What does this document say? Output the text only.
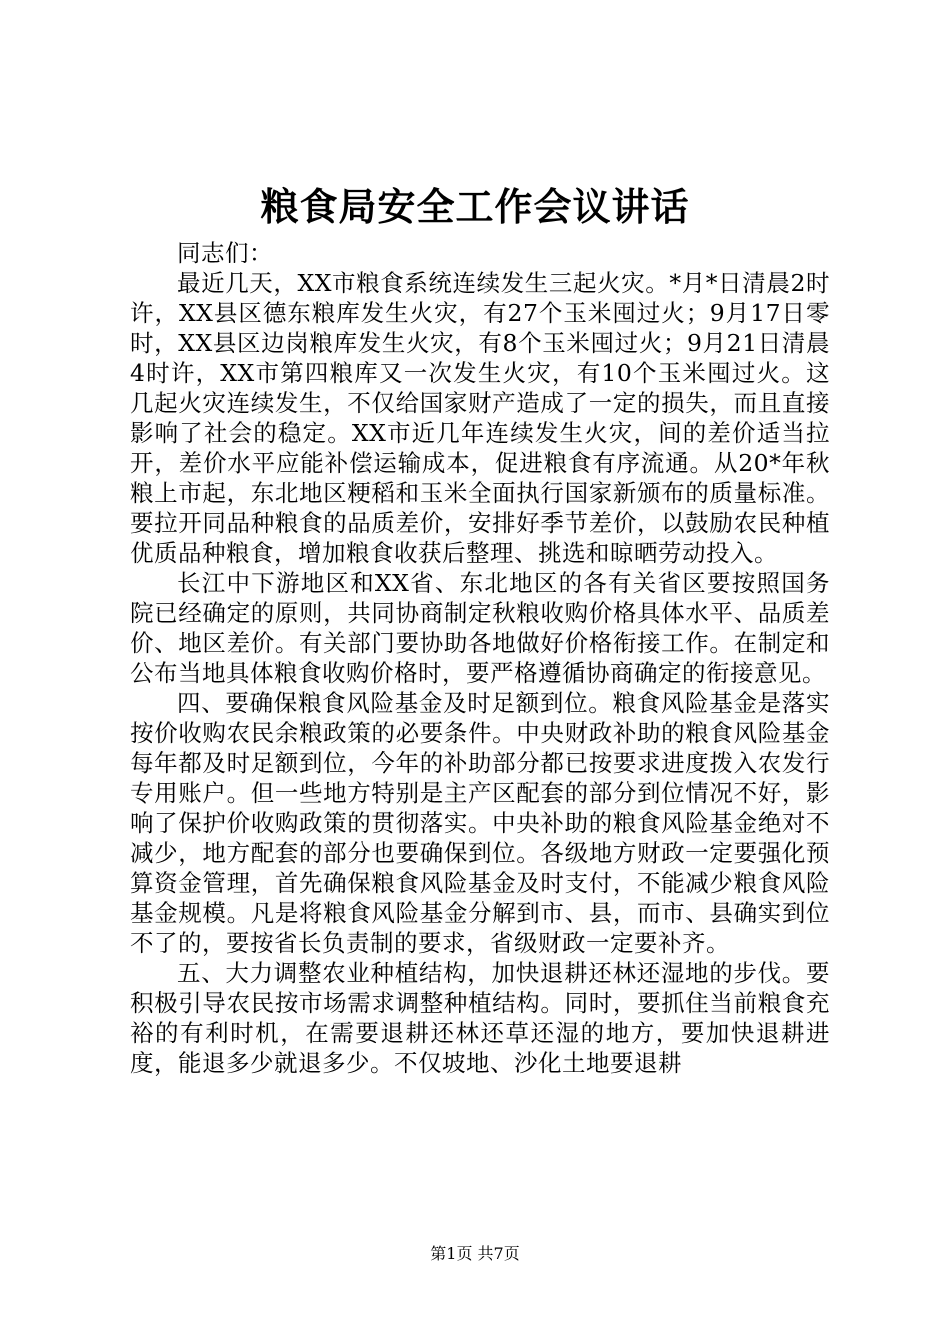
粮食局安全工作会议讲话

同志们：

最近几天，XX市粮食系统连续发生三起火灾。*月*日清晨2时许，XX县区德东粮库发生火灾，有27个玉米囤过火；9月17日零时，XX县区边岗粮库发生火灾，有8个玉米囤过火；9月21日清晨4时许，XX市第四粮库又一次发生火灾，有10个玉米囤过火。这几起火灾连续发生，不仅给国家财产造成了一定的损失，而且直接影响了社会的稳定。XX市近几年连续发生火灾，间的差价适当拉开，差价水平应能补偿运输成本，促进粮食有序流通。从20*年秋粮上市起，东北地区粳稻和玉米全面执行国家新颁布的质量标准。要拉开同品种粮食的品质差价，安排好季节差价，以鼓励农民种植优质品种粮食，增加粮食收获后整理、挑选和晾晒劳动投入。

长江中下游地区和XX省、东北地区的各有关省区要按照国务院已经确定的原则，共同协商制定秋粮收购价格具体水平、品质差价、地区差价。有关部门要协助各地做好价格衔接工作。在制定和公布当地具体粮食收购价格时，要严格遵循协商确定的衔接意见。

四、要确保粮食风险基金及时足额到位。粮食风险基金是落实按价收购农民余粮政策的必要条件。中央财政补助的粮食风险基金每年都及时足额到位，今年的补助部分都已按要求进度拨入农发行专用账户。但一些地方特别是主产区配套的部分到位情况不好，影响了保护价收购政策的贯彻落实。中央补助的粮食风险基金绝对不减少，地方配套的部分也要确保到位。各级地方财政一定要强化预算资金管理，首先确保粮食风险基金及时支付，不能减少粮食风险基金规模。凡是将粮食风险基金分解到市、县，而市、县确实到位不了的，要按省长负责制的要求，省级财政一定要补齐。

五、大力调整农业种植结构，加快退耕还林还湿地的步伐。要积极引导农民按市场需求调整种植结构。同时，要抓住当前粮食充裕的有利时机，在需要退耕还林还草还湿的地方，要加快退耕进度，能退多少就退多少。不仅坡地、沙化土地要退耕

第1页 共7页
